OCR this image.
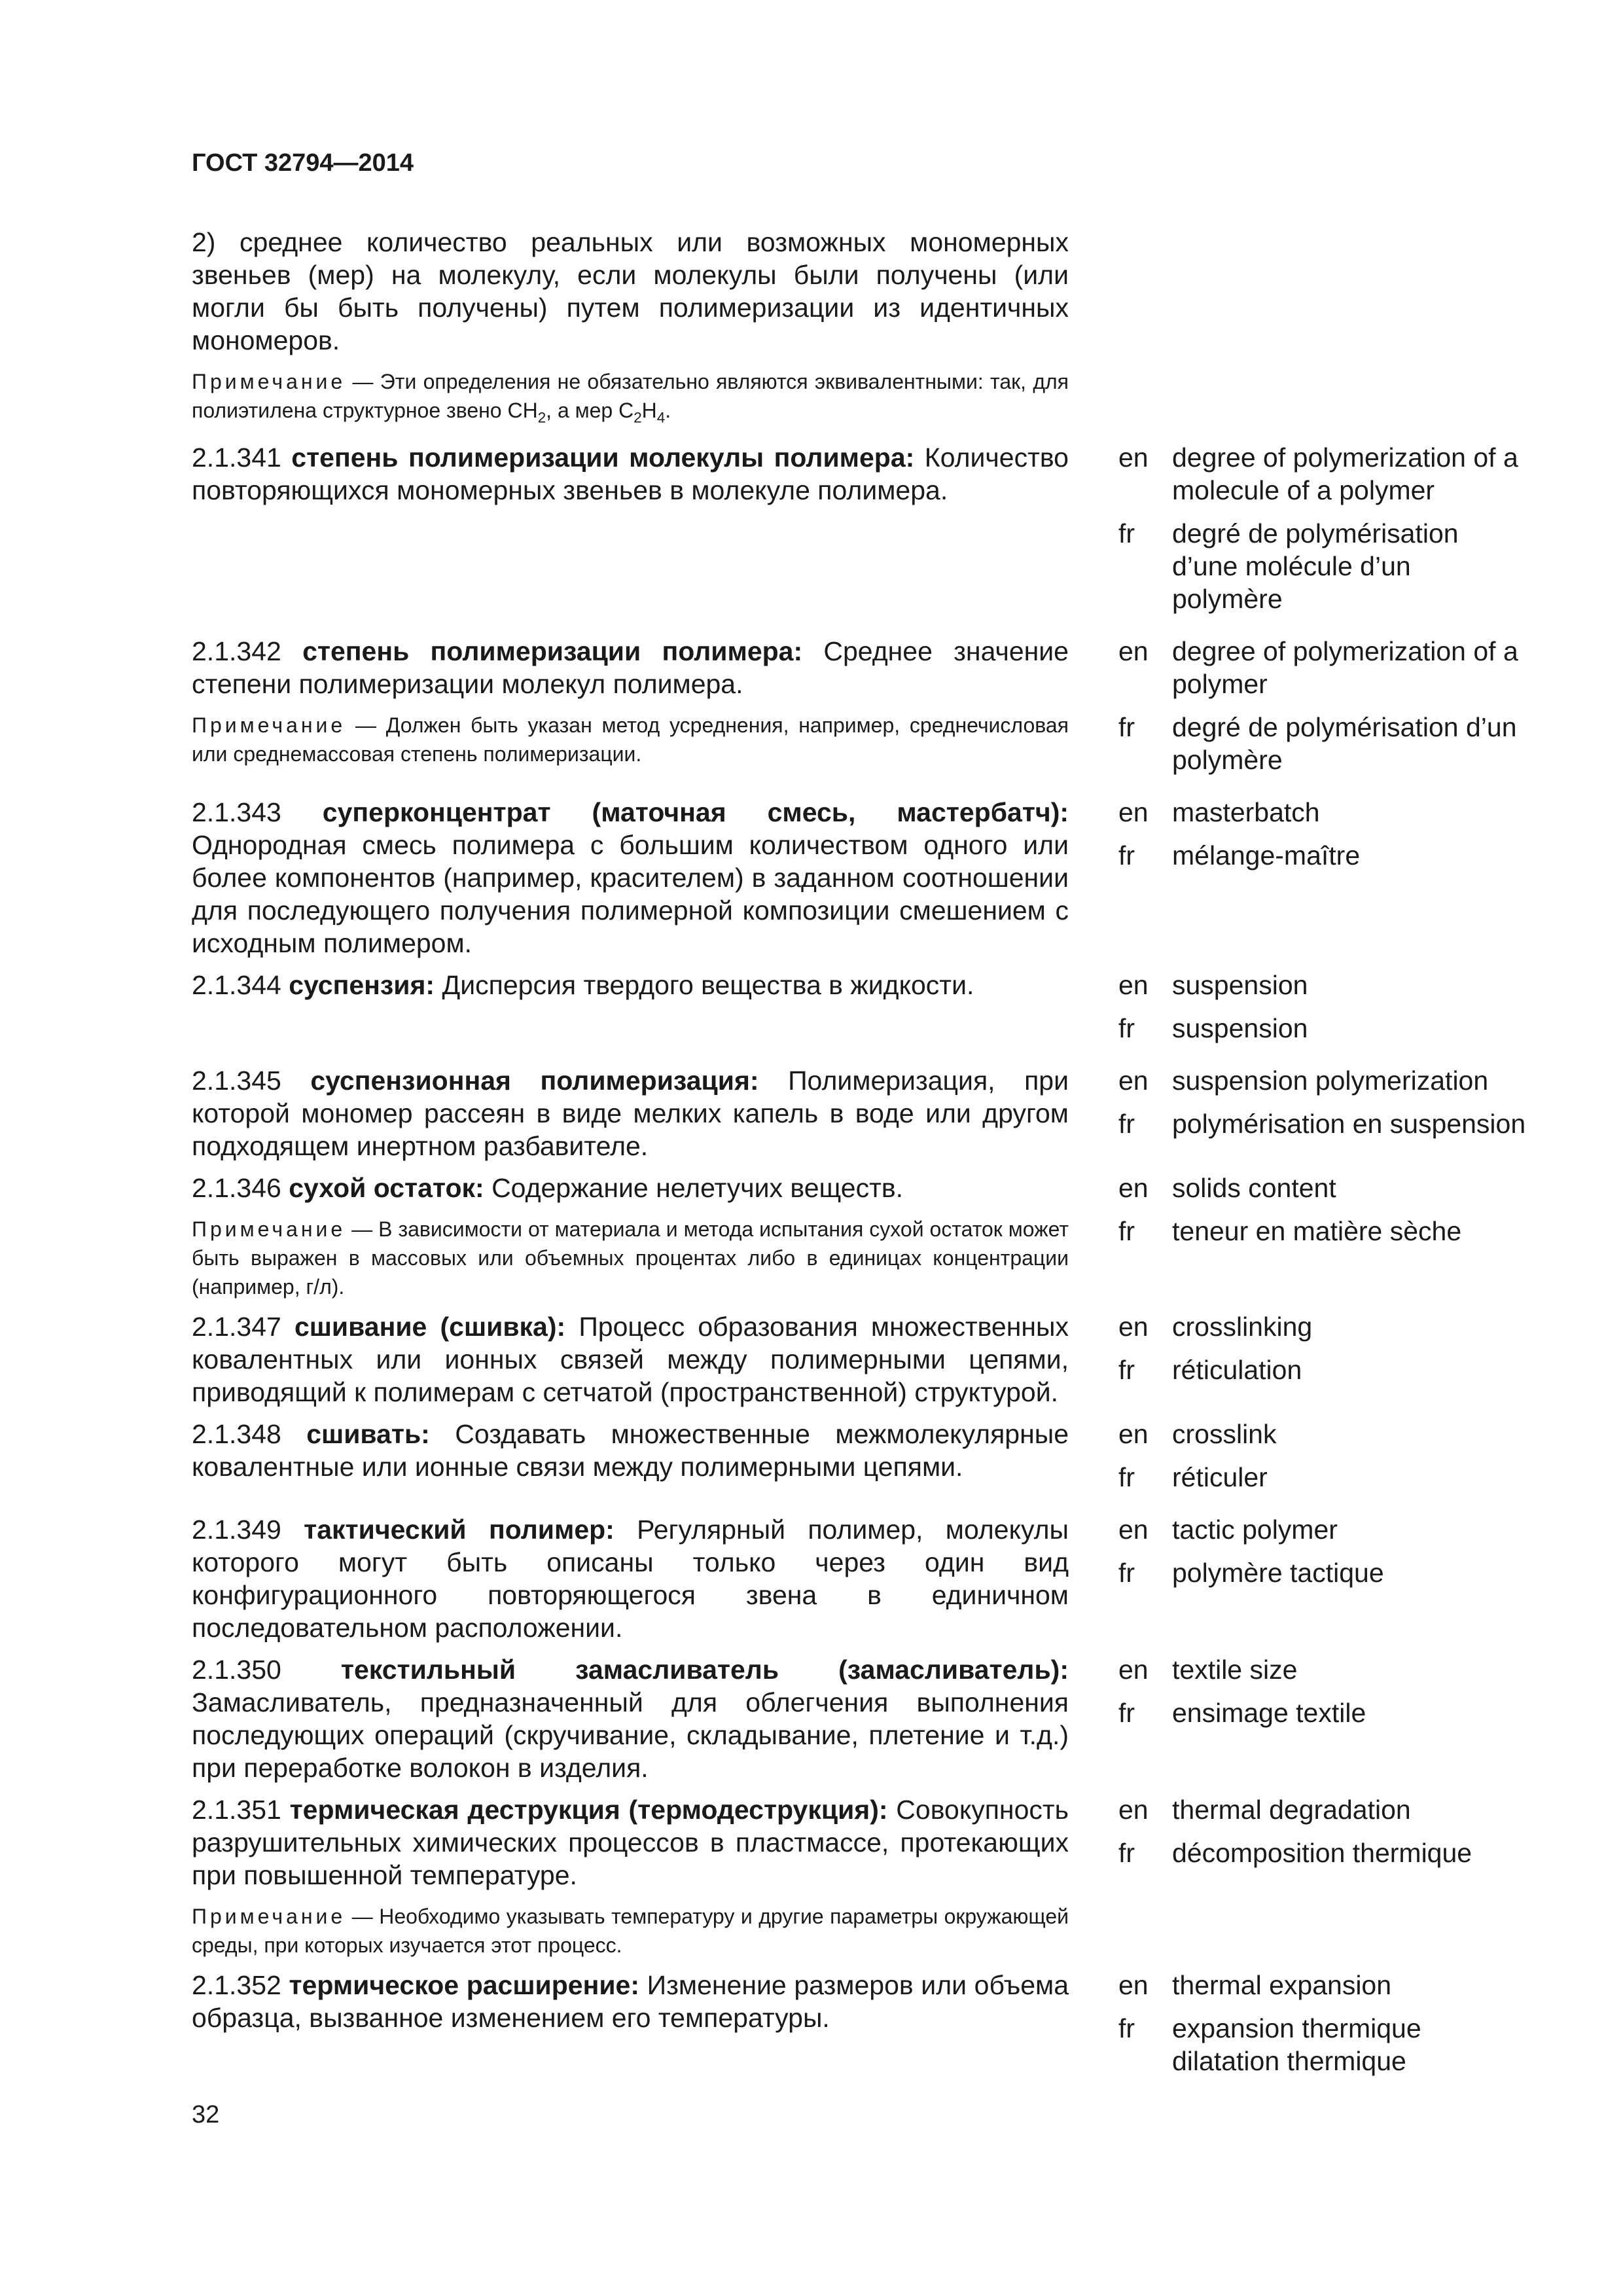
ГОСТ 32794—2014
2) среднее количество реальных или возможных мономерных звеньев (мер) на молекулу, если молекулы были получены (или могли бы быть получены) путем полимеризации из идентичных мономеров.
Примечание — Эти определения не обязательно являются эквивалентными: так, для полиэтилена структурное звено $CH_2$, а мер $C_2H_4$.
2.1.341 степень полимеризации молекулы полимера: Количество повторяющихся мономерных звеньев в молекуле полимера.
en degree of polymerization of a molecule of a polymer
fr	degré de polymérisation d’une molécule d’un polymère
2.1.342 степень полимеризации полимера: Среднее значение степени полимеризации молекул полимера.
Примечание — Должен быть указан метод усреднения, например, среднечисловая или среднемассовая степень полимеризации.
en degree of polymerization of a polymer
fr	degré de polymérisation d’un polymère
2.1.343 суперконцентрат (маточная смесь, мастербатч): Однородная смесь полимера с большим количеством одного или более компонентов (например, красителем) в заданном соотношении для последующего получения полимерной композиции смешением с исходным полимером.
en masterbatch
fr	mélange-maître
2.1.344 суспензия: Дисперсия твердого вещества в жидкости.	en suspension
fr	suspension
2.1.345 суспензионная полимеризация: Полимеризация, при которой мономер рассеян в виде мелких капель в воде или другом подходящем инертном разбавителе.
en suspension polymerization
fr	polymérisation en suspension
2.1.346 сухой остаток: Содержание нелетучих веществ.
Примечание — В зависимости от материала и метода испытания сухой остаток может быть выражен в массовых или объемных процентах либо в единицах концентрации (например, г/л).
en solids content
fr	teneur en matière sèche
2.1.347 сшивание (сшивка): Процесс образования множественных ковалентных или ионных связей между полимерными цепями, приводящий к полимерам с сетчатой (пространственной) структурой.
en crosslinking
fr	réticulation
2.1.348 сшивать: Создавать множественные межмолекулярные ковалентные или ионные связи между полимерными цепями.
en crosslink
fr	réticuler
2.1.349 тактический полимер: Регулярный полимер, молекулы которого могут быть описаны только через один вид конфигурационного повторяющегося звена в единичном последовательном расположении.
en tactic polymer
fr	polymère tactique
2.1.350 текстильный замасливатель (замасливатель): Замасливатель, предназначенный для облегчения выполнения последующих операций (скручивание, складывание, плетение и т.д.) при переработке волокон в изделия.
en textile size
fr	ensimage textile
2.1.351 термическая деструкция (термодеструкция): Совокупность разрушительных химических процессов в пластмассе, протекающих при повышенной температуре.
Примечание — Необходимо указывать температуру и другие параметры окружающей среды, при которых изучается этот процесс.
en thermal degradation
fr	décomposition thermique
2.1.352 термическое расширение: Изменение размеров или объема образца, вызванное изменением его температуры.
en thermal expansion
fr	expansion thermique dilatation thermique
32
